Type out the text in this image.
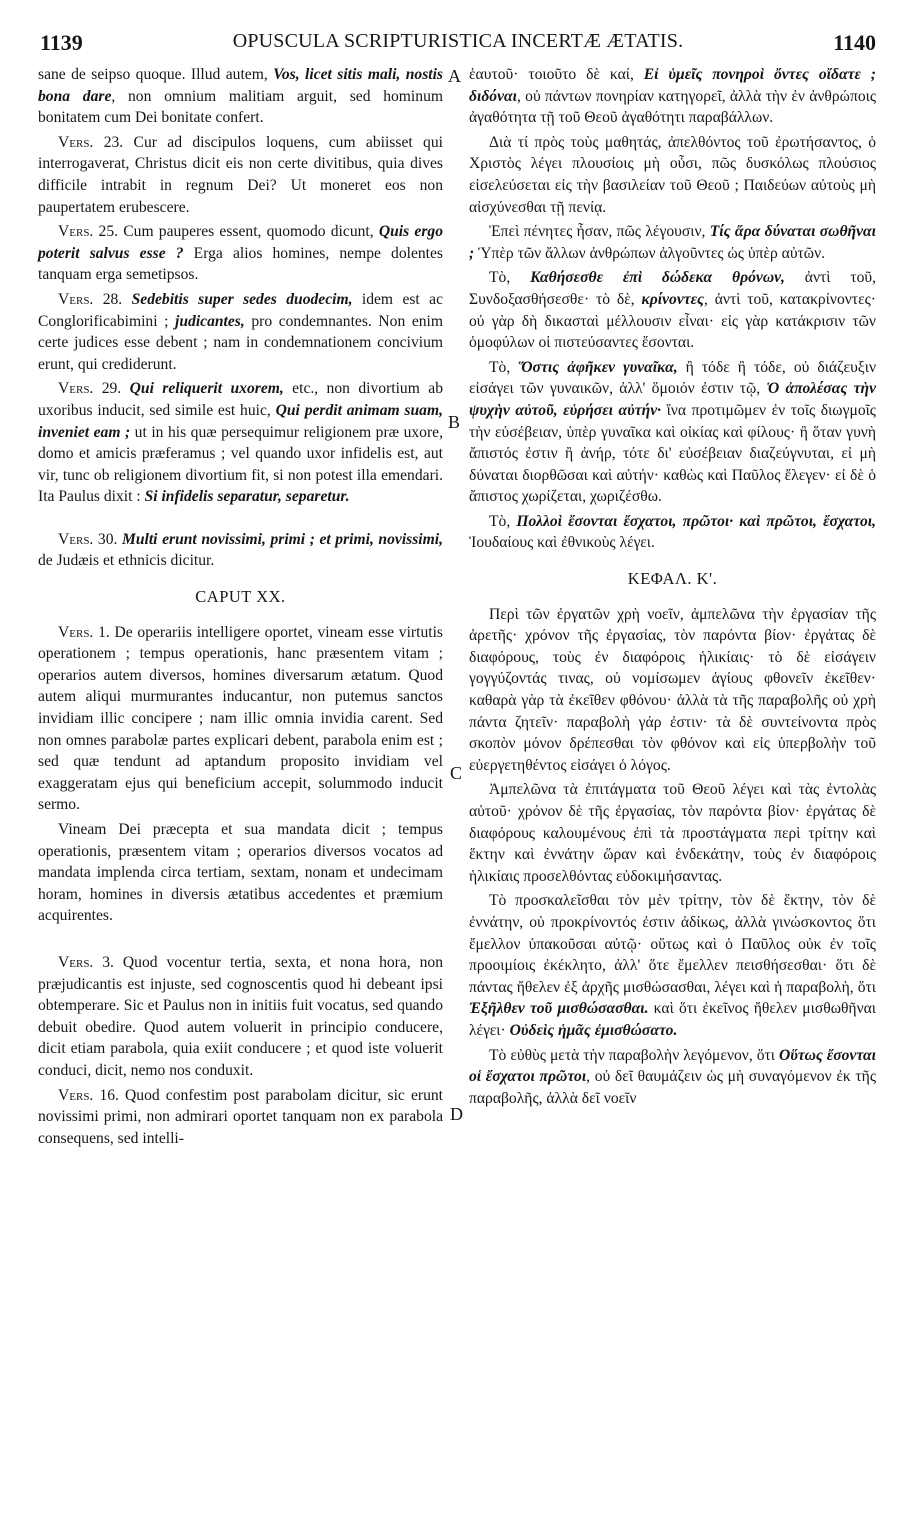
1139	OPUSCULA SCRIPTURISTICA INCERTÆ ÆTATIS.	1140
A
B
C
D

sane de seipso quoque. Illud autem, Vos, licet sitis mali, nostis bona dare, non omnium malitiam arguit, sed hominum bonitatem cum Dei bonitate confert.

Vers. 23. Cur ad discipulos loquens, cum abiisset qui interrogaverat, Christus dicit eis non certe divitibus, quia dives difficile intrabit in regnum Dei? Ut moneret eos non paupertatem erubescere.

Vers. 25. Cum pauperes essent, quomodo dicunt, Quis ergo poterit salvus esse ? Erga alios homines, nempe dolentes tanquam erga semetipsos.

Vers. 28. Sedebitis super sedes duodecim, idem est ac Conglorificabimini ; judicantes, pro condemnantes. Non enim certe judices esse debent ; nam in condemnationem concivium erunt, qui crediderunt.

Vers. 29. Qui reliquerit uxorem, etc., non divortium ab uxoribus inducit, sed simile est huic, Qui perdit animam suam, inveniet eam ; ut in his quæ persequimur religionem præ uxore, domo et amicis præferamus ; vel quando uxor infidelis est, aut vir, tunc ob religionem divortium fit, si non potest illa emendari. Ita Paulus dixit : Si infidelis separatur, separetur.

Vers. 30. Multi erunt novissimi, primi ; et primi, novissimi, de Judæis et ethnicis dicitur.

CAPUT XX.

Vers. 1. De operariis intelligere oportet, vineam esse virtutis operationem ; tempus operationis, hanc præsentem vitam ; operarios autem diversos, homines diversarum ætatum. Quod autem aliqui murmurantes inducantur, non putemus sanctos invidiam illic concipere ; nam illic omnia invidia carent. Sed non omnes parabolæ partes explicari debent, parabola enim est ; sed quæ tendunt ad aptandum proposito invidiam vel exaggeratam ejus qui beneficium accepit, solummodo inducit sermo.

Vineam Dei præcepta et sua mandata dicit ; tempus operationis, præsentem vitam ; operarios diversos vocatos ad mandata implenda circa tertiam, sextam, nonam et undecimam horam, homines in diversis ætatibus accedentes et præmium acquirentes.

Vers. 3. Quod vocentur tertia, sexta, et nona hora, non præjudicantis est injuste, sed cognoscentis quod hi debeant ipsi obtemperare. Sic et Paulus non in initiis fuit vocatus, sed quando debuit obedire. Quod autem voluerit in principio conducere, dicit etiam parabola, quia exiit conducere ; et quod iste voluerit conduci, dicit, nemo nos conduxit.

Vers. 16. Quod confestim post parabolam dicitur, sic erunt novissimi primi, non admirari oportet tanquam non ex parabola consequens, sed intelli-

ἑαυτοῦ· τοιοῦτο δὲ καί, Εἰ ὑμεῖς πονηροὶ ὄντες οἴδατε ; διδόναι, οὐ πάντων πονηρίαν κατηγορεῖ, ἀλλὰ τὴν ἐν ἀνθρώποις ἀγαθότητα τῇ τοῦ Θεοῦ ἀγαθότητι παραβάλλων.

Διὰ τί πρὸς τοὺς μαθητάς, ἀπελθόντος τοῦ ἐρωτήσαντος, ὁ Χριστὸς λέγει πλουσίοις μὴ οὖσι, πῶς δυσκόλως πλούσιος εἰσελεύσεται εἰς τὴν βασιλείαν τοῦ Θεοῦ ; Παιδεύων αὐτοὺς μὴ αἰσχύνεσθαι τῇ πενίᾳ.

Ἐπεὶ πένητες ἦσαν, πῶς λέγουσιν, Τίς ἄρα δύναται σωθῆναι ; Ὑπὲρ τῶν ἄλλων ἀνθρώπων ἀλγοῦντες ὡς ὑπὲρ αὐτῶν.

Τὸ, Καθήσεσθε ἐπὶ δώδεκα θρόνων, ἀντὶ τοῦ, Συνδοξασθήσεσθε· τὸ δὲ, κρίνοντες, ἀντὶ τοῦ, κατακρίνοντες· οὐ γὰρ δὴ δικασταὶ μέλλουσιν εἶναι· εἰς γὰρ κατάκρισιν τῶν ὁμοφύλων οἱ πιστεύσαντες ἔσονται.

Τὸ, Ὅστις ἀφῆκεν γυναῖκα, ἢ τόδε ἢ τόδε, οὐ διάζευξιν εἰσάγει τῶν γυναικῶν, ἀλλ' ὅμοιόν ἐστιν τῷ, Ὁ ἀπολέσας τὴν ψυχὴν αὐτοῦ, εὑρήσει αὐτήν· ἵνα προτιμῶμεν ἐν τοῖς διωγμοῖς τὴν εὐσέβειαν, ὑπὲρ γυναῖκα καὶ οἰκίας καὶ φίλους· ἢ ὅταν γυνὴ ἄπιστός ἐστιν ἢ ἀνήρ, τότε δι' εὐσέβειαν διαζεύγνυται, εἰ μὴ δύναται διορθῶσαι καὶ αὐτήν· καθὼς καὶ Παῦλος ἔλεγεν· εἰ δὲ ὁ ἄπιστος χωρίζεται, χωριζέσθω.

Τὸ, Πολλοὶ ἔσονται ἔσχατοι, πρῶτοι· καὶ πρῶτοι, ἔσχατοι, Ἰουδαίους καὶ ἐθνικοὺς λέγει.

ΚΕΦΑΛ. Κ'.

Περὶ τῶν ἐργατῶν χρὴ νοεῖν, ἀμπελῶνα τὴν ἐργασίαν τῆς ἀρετῆς· χρόνον τῆς ἐργασίας, τὸν παρόντα βίον· ἐργάτας δὲ διαφόρους, τοὺς ἐν διαφόροις ἡλικίαις· τὸ δὲ εἰσάγειν γογγύζοντάς τινας, οὐ νομίσωμεν ἁγίους φθονεῖν ἐκεῖθεν· καθαρὰ γὰρ τὰ ἐκεῖθεν φθόνου· ἀλλὰ τὰ τῆς παραβολῆς οὐ χρὴ πάντα ζητεῖν· παραβολὴ γάρ ἐστιν· τὰ δὲ συντείνοντα πρὸς σκοπὸν μόνον δρέπεσθαι τὸν φθόνον καὶ εἰς ὑπερβολὴν τοῦ εὐεργετηθέντος εἰσάγει ὁ λόγος.

Ἀμπελῶνα τὰ ἐπιτάγματα τοῦ Θεοῦ λέγει καὶ τὰς ἐντολὰς αὐτοῦ· χρόνον δὲ τῆς ἐργασίας, τὸν παρόντα βίον· ἐργάτας δὲ διαφόρους καλουμένους ἐπὶ τὰ προστάγματα περὶ τρίτην καὶ ἕκτην καὶ ἐννάτην ὥραν καὶ ἑνδεκάτην, τοὺς ἐν διαφόροις ἡλικίαις προσελθόντας εὐδοκιμήσαντας.

Τὸ προσκαλεῖσθαι τὸν μὲν τρίτην, τὸν δὲ ἕκτην, τὸν δὲ ἐννάτην, οὐ προκρίνοντός ἐστιν ἀδίκως, ἀλλὰ γινώσκοντος ὅτι ἔμελλον ὑπακοῦσαι αὐτῷ· οὕτως καὶ ὁ Παῦλος οὐκ ἐν τοῖς προοιμίοις ἐκέκλητο, ἀλλ' ὅτε ἔμελλεν πεισθήσεσθαι· ὅτι δὲ πάντας ἤθελεν ἐξ ἀρχῆς μισθώσασθαι, λέγει καὶ ἡ παραβολὴ, ὅτι Ἐξῆλθεν τοῦ μισθώσασθαι. καὶ ὅτι ἐκεῖνος ἤθελεν μισθωθῆναι λέγει· Οὐδεὶς ἡμᾶς ἐμισθώσατο.

Τὸ εὐθὺς μετὰ τὴν παραβολὴν λεγόμενον, ὅτι Οὕτως ἔσονται οἱ ἔσχατοι πρῶτοι, οὐ δεῖ θαυμάζειν ὡς μὴ συναγόμενον ἐκ τῆς παραβολῆς, ἀλλὰ δεῖ νοεῖν
